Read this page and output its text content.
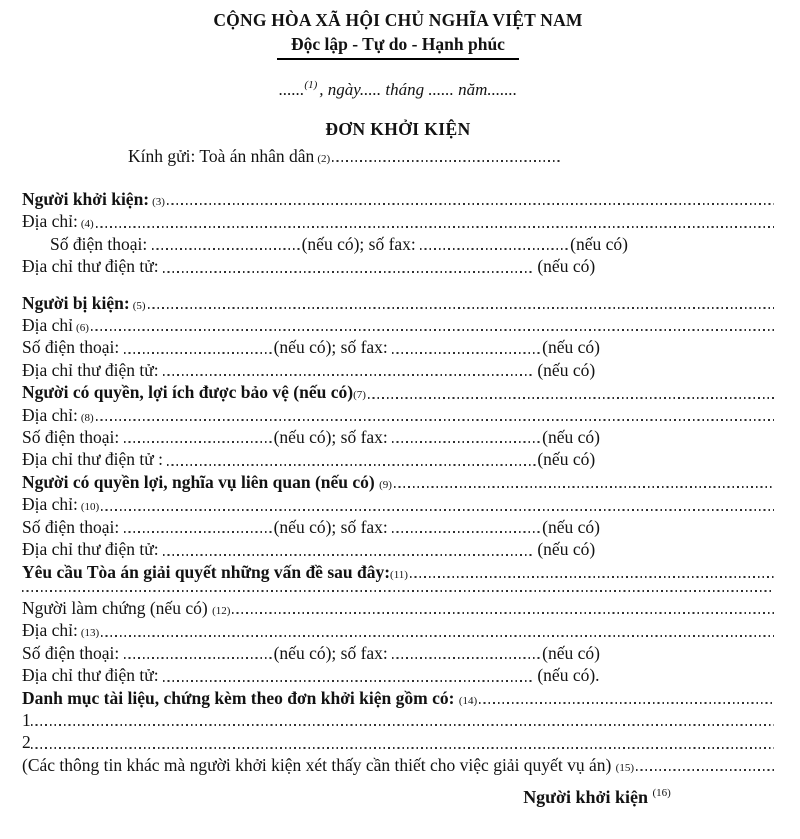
CỘNG HÒA XÃ HỘI CHỦ NGHĨA VIỆT NAM
Độc lập - Tự do - Hạnh phúc
......$^{(1)}$ , ngày..... tháng ...... năm.......
ĐƠN KHỞI KIỆN
Kính gửi: Toà án nhân dân (2)
Người khởi kiện: (3)
Địa chỉ: (4)
Số điện thoại:	(nếu có); số fax:	(nếu có)
Địa chỉ thư điện tử:	(nếu có)
Người bị kiện: (5)
Địa chỉ (6)
Số điện thoại:	(nếu có); số fax:	(nếu có)
Địa chỉ thư điện tử:	(nếu có)
Người có quyền, lợi ích được bảo vệ (nếu có) (7)
Địa chỉ: (8)
Số điện thoại:	(nếu có); số fax:	(nếu có)
Địa chỉ thư điện tử :	(nếu có)
Người có quyền lợi, nghĩa vụ liên quan (nếu có) (9)
Địa chỉ: (10)
Số điện thoại:	(nếu có); số fax:	(nếu có)
Địa chỉ thư điện tử:	(nếu có)
Yêu cầu Tòa án giải quyết những vấn đề sau đây: (11)
Người làm chứng (nếu có) (12)
Địa chỉ: (13)
Số điện thoại:	(nếu có); số fax:	(nếu có)
Địa chỉ thư điện tử:	(nếu có).
Danh mục tài liệu, chứng kèm theo đơn khởi kiện gồm có: (14)
1
2
(Các thông tin khác mà người khởi kiện xét thấy cần thiết cho việc giải quyết vụ án) (15)
Người khởi kiện $^{(16)}$
